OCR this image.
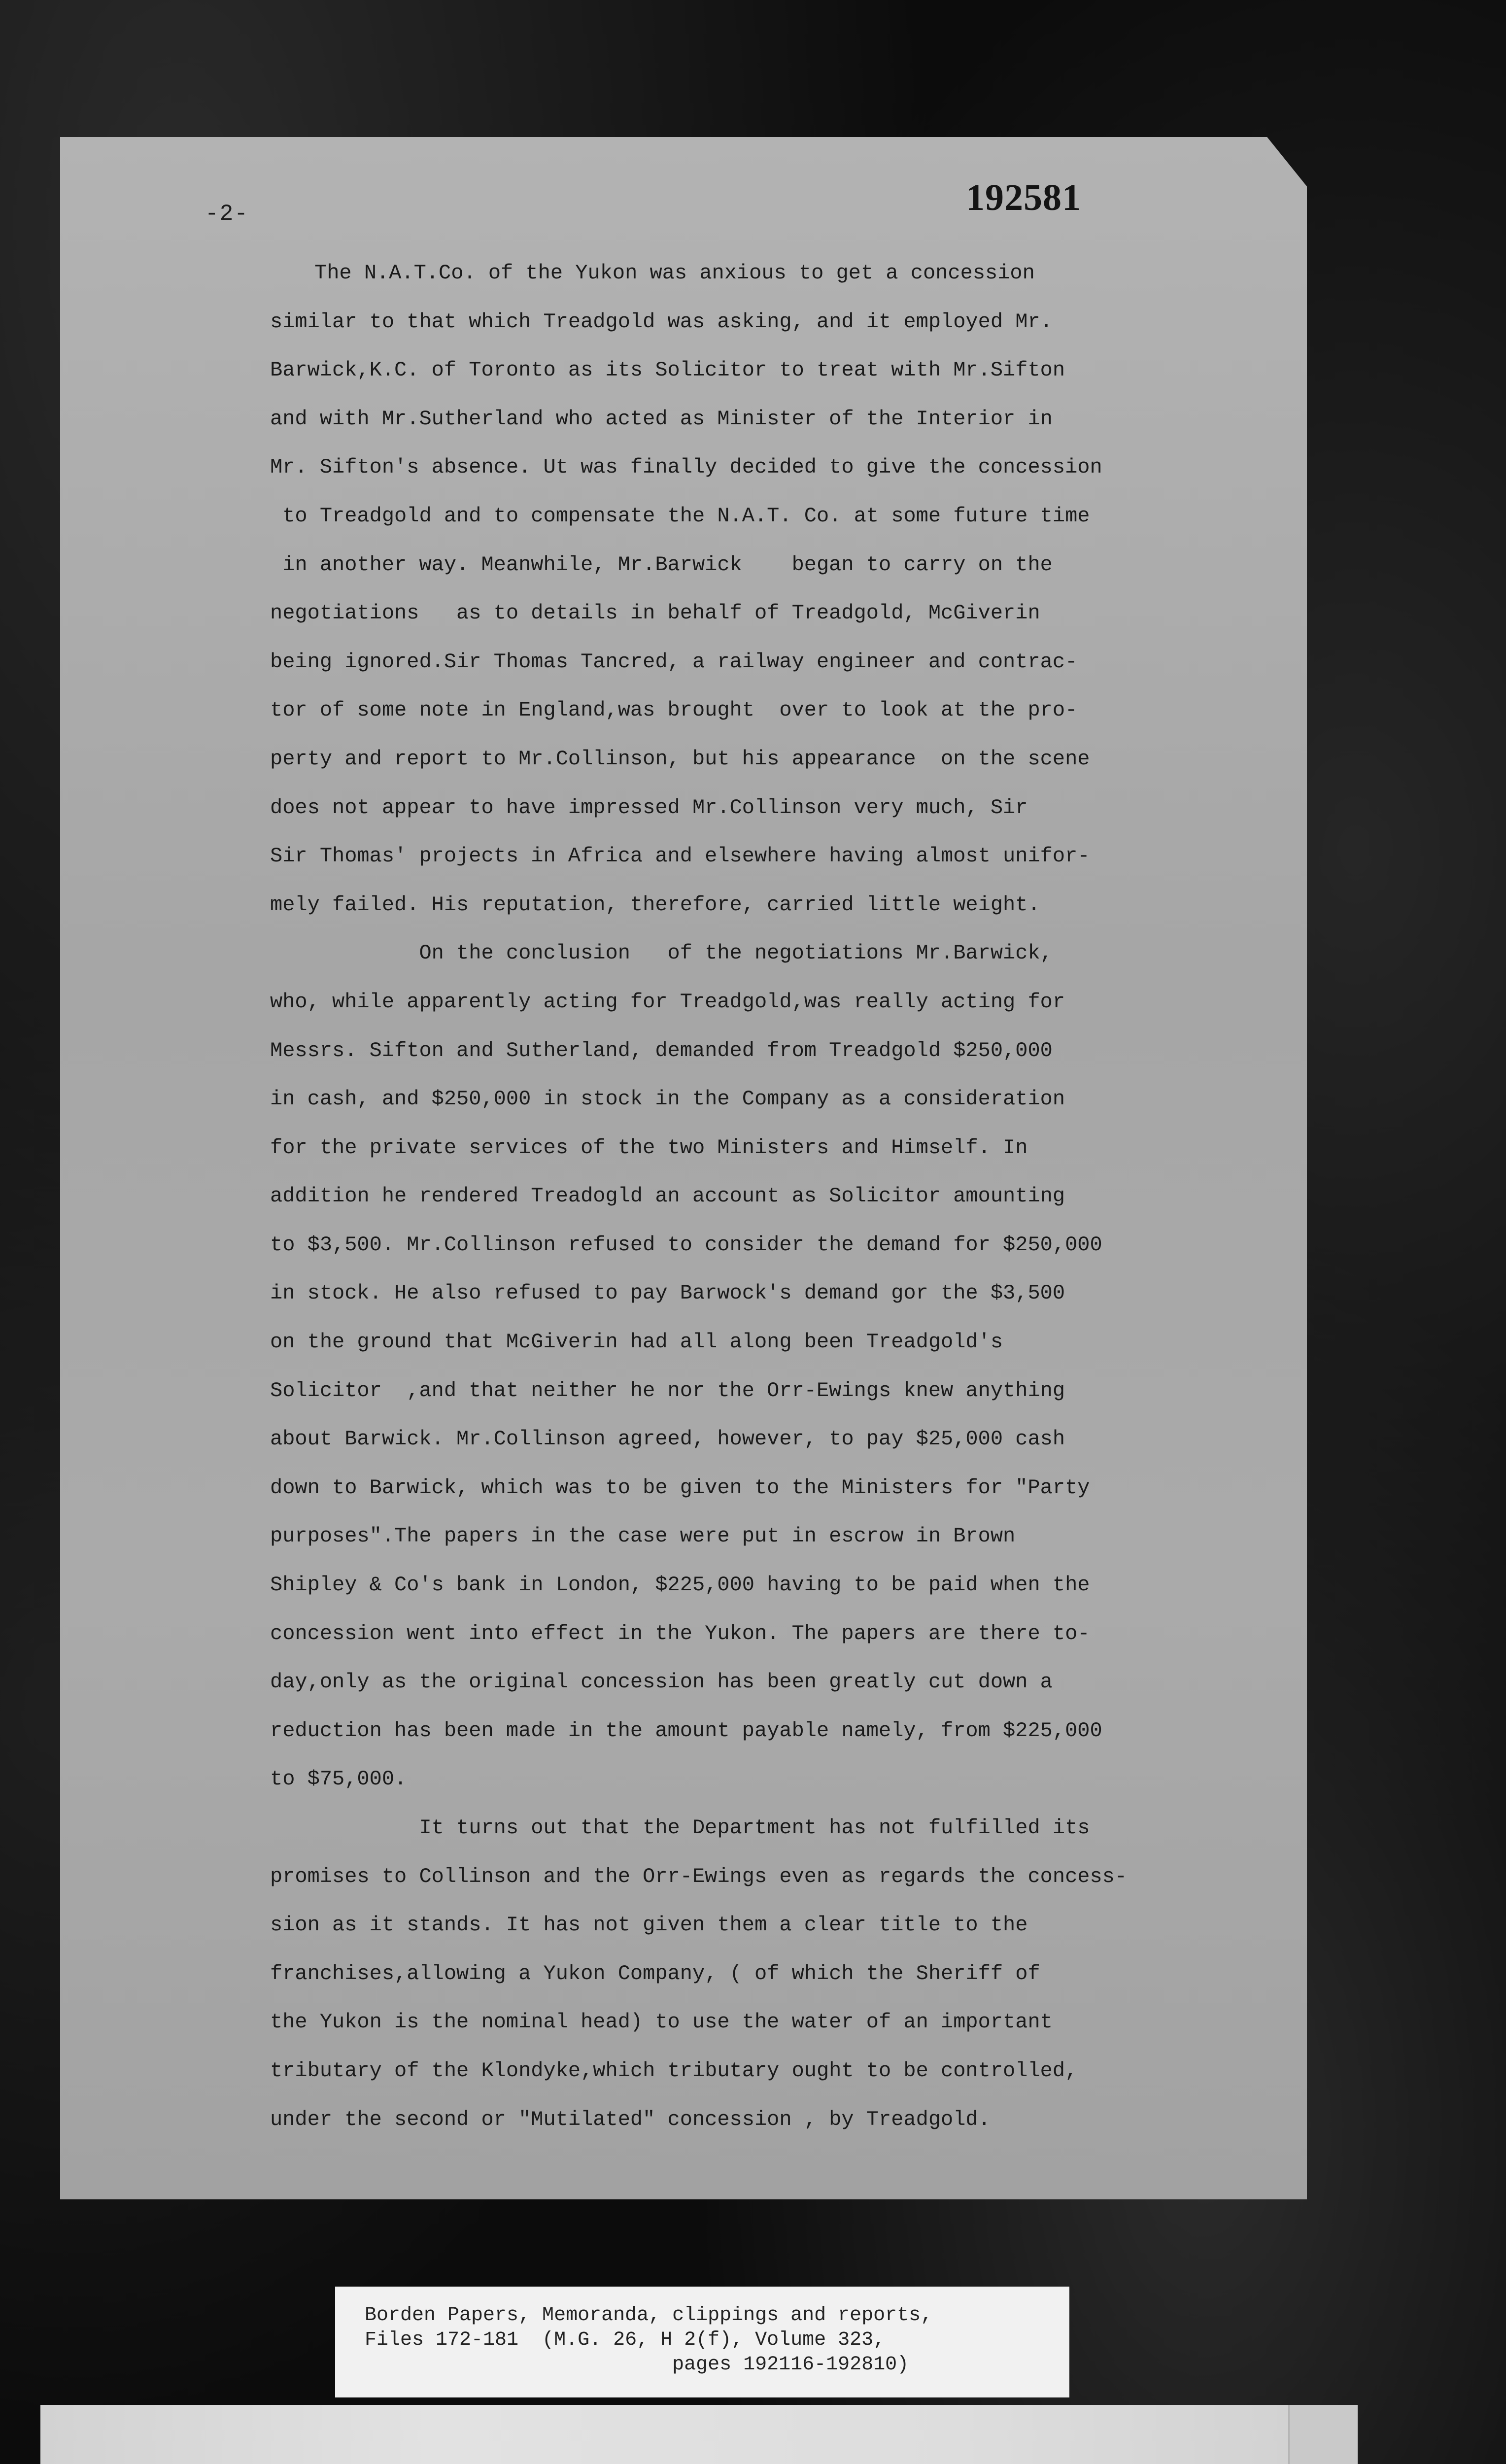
-2-	192581
The N.A.T.Co. of the Yukon was anxious to get a concession
similar to that which Treadgold was asking, and it employed Mr.
Barwick,K.C. of Toronto as its Solicitor to treat with Mr.Sifton
and with Mr.Sutherland who acted as Minister of the Interior in
Mr. Sifton's absence. Ut was finally decided to give the concession
to Treadgold and to compensate the N.A.T. Co. at some future time
in another way. Meanwhile, Mr.Barwick    began to carry on the
negotiations   as to details in behalf of Treadgold, McGiverin
being ignored.Sir Thomas Tancred, a railway engineer and contrac-
tor of some note in England,was brought  over to look at the pro-
perty and report to Mr.Collinson, but his appearance  on the scene
does not appear to have impressed Mr.Collinson very much, Sir
Sir Thomas' projects in Africa and elsewhere having almost unifor-
mely failed. His reputation, therefore, carried little weight.
On the conclusion   of the negotiations Mr.Barwick,
who, while apparently acting for Treadgold,was really acting for
Messrs. Sifton and Sutherland, demanded from Treadgold $250,000
in cash, and $250,000 in stock in the Company as a consideration
for the private services of the two Ministers and Himself. In
addition he rendered Treadogld an account as Solicitor amounting
to $3,500. Mr.Collinson refused to consider the demand for $250,000
in stock. He also refused to pay Barwock's demand gor the $3,500
on the ground that McGiverin had all along been Treadgold's
Solicitor  ,and that neither he nor the Orr-Ewings knew anything
about Barwick. Mr.Collinson agreed, however, to pay $25,000 cash
down to Barwick, which was to be given to the Ministers for "Party
purposes".The papers in the case were put in escrow in Brown
Shipley & Co's bank in London, $225,000 having to be paid when the
concession went into effect in the Yukon. The papers are there to-
day,only as the original concession has been greatly cut down a
reduction has been made in the amount payable namely, from $225,000
to $75,000.
It turns out that the Department has not fulfilled its
promises to Collinson and the Orr-Ewings even as regards the concess-
sion as it stands. It has not given them a clear title to the
franchises,allowing a Yukon Company, ( of which the Sheriff of
the Yukon is the nominal head) to use the water of an important
tributary of the Klondyke,which tributary ought to be controlled,
under the second or "Mutilated" concession , by Treadgold.
Borden Papers, Memoranda, clippings and reports,
Files 172-181  (M.G. 26, H 2(f), Volume 323,
pages 192116-192810)
